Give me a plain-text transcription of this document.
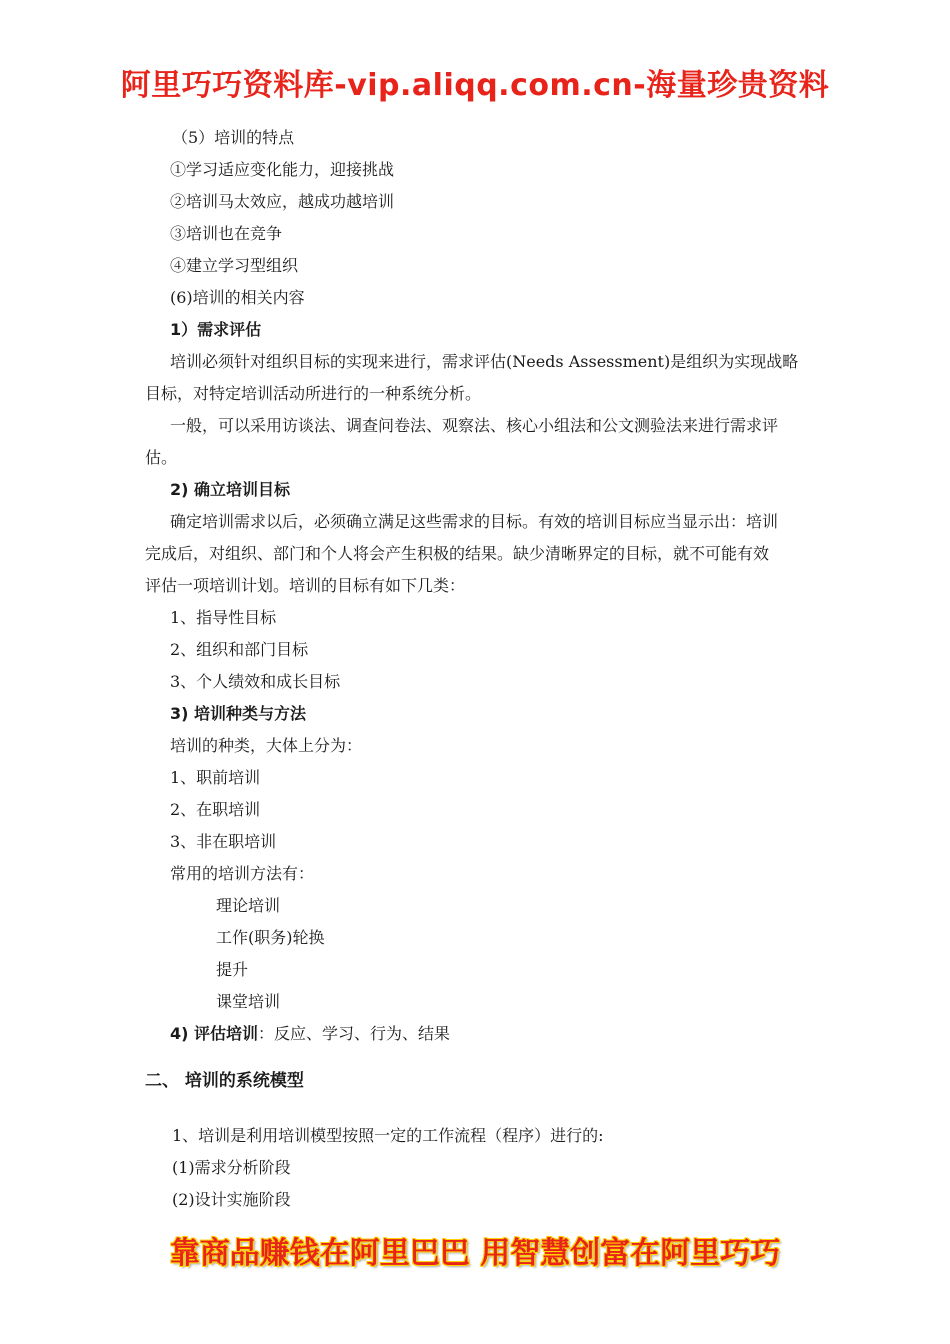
阿里巧巧资料库-vip.aliqq.com.cn-海量珍贵资料
（5）培训的特点
①学习适应变化能力，迎接挑战
②培训马太效应，越成功越培训
③培训也在竞争
④建立学习型组织
(6)培训的相关内容
1）需求评估
培训必须针对组织目标的实现来进行，需求评估(Needs Assessment)是组织为实现战略
目标，对特定培训活动所进行的一种系统分析。
一般，可以采用访谈法、调查问卷法、观察法、核心小组法和公文测验法来进行需求评
估。
2) 确立培训目标
确定培训需求以后，必须确立满足这些需求的目标。有效的培训目标应当显示出：培训
完成后，对组织、部门和个人将会产生积极的结果。缺少清晰界定的目标，就不可能有效
评估一项培训计划。培训的目标有如下几类：
1、指导性目标
2、组织和部门目标
3、个人绩效和成长目标
3) 培训种类与方法
培训的种类，大体上分为：
1、职前培训
2、在职培训
3、非在职培训
常用的培训方法有：
理论培训
工作(职务)轮换
提升
课堂培训
4) 评估培训：反应、学习、行为、结果
二、 培训的系统模型
1、培训是利用培训模型按照一定的工作流程（程序）进行的:
(1)需求分析阶段
(2)设计实施阶段
靠商品赚钱在阿里巴巴 用智慧创富在阿里巧巧
